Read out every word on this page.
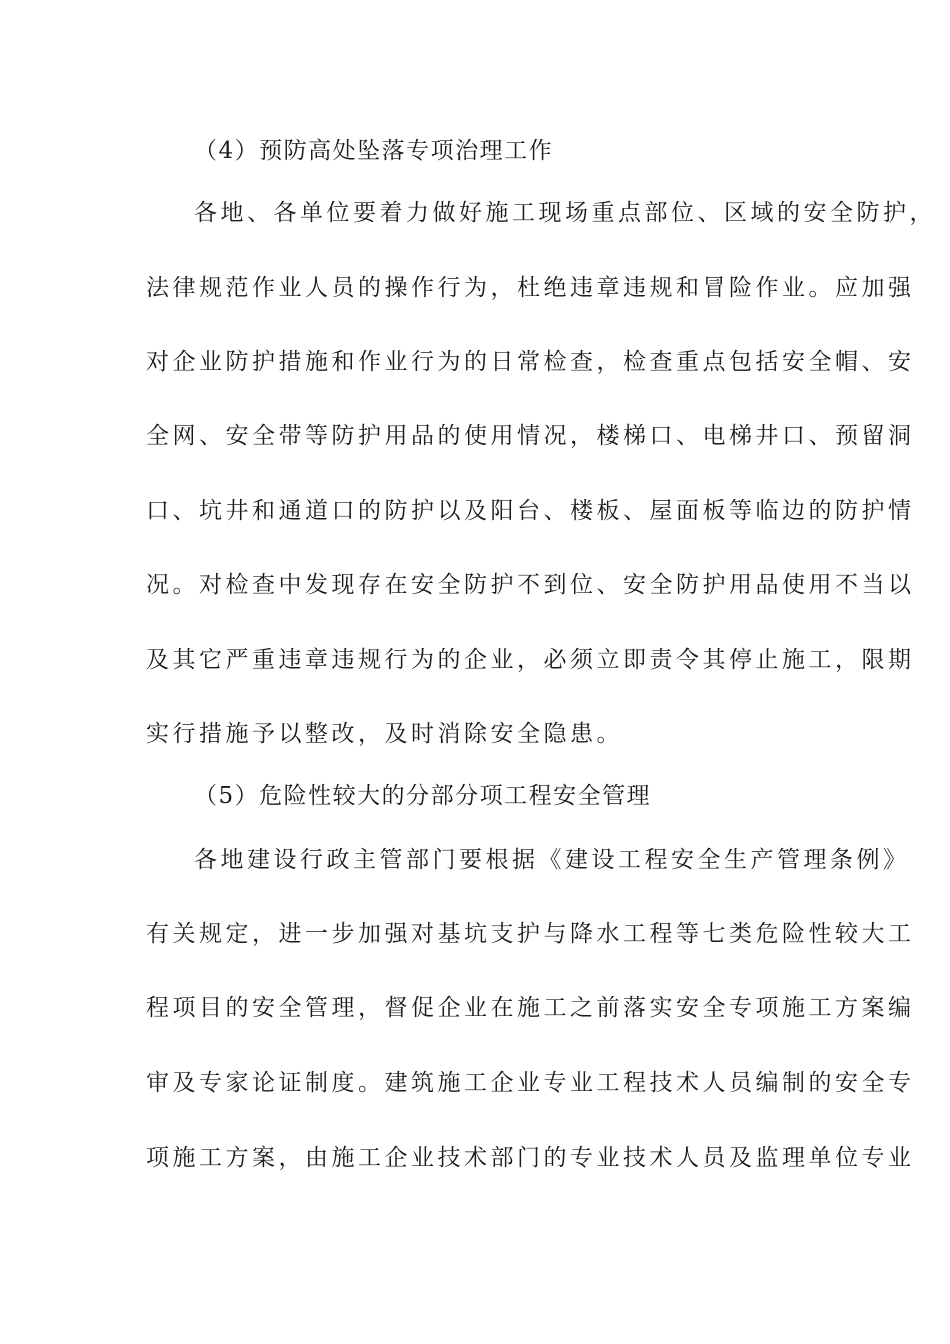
（4）预防高处坠落专项治理工作
各地、各单位要着力做好施工现场重点部位、区域的安全防护，
法律规范作业人员的操作行为，杜绝违章违规和冒险作业。应加强
对企业防护措施和作业行为的日常检查，检查重点包括安全帽、安
全网、安全带等防护用品的使用情况，楼梯口、电梯井口、预留洞
口、坑井和通道口的防护以及阳台、楼板、屋面板等临边的防护情
况。对检查中发现存在安全防护不到位、安全防护用品使用不当以
及其它严重违章违规行为的企业，必须立即责令其停止施工，限期
实行措施予以整改，及时消除安全隐患。
（5）危险性较大的分部分项工程安全管理
各地建设行政主管部门要根据《建设工程安全生产管理条例》
有关规定，进一步加强对基坑支护与降水工程等七类危险性较大工
程项目的安全管理，督促企业在施工之前落实安全专项施工方案编
审及专家论证制度。建筑施工企业专业工程技术人员编制的安全专
项施工方案，由施工企业技术部门的专业技术人员及监理单位专业
